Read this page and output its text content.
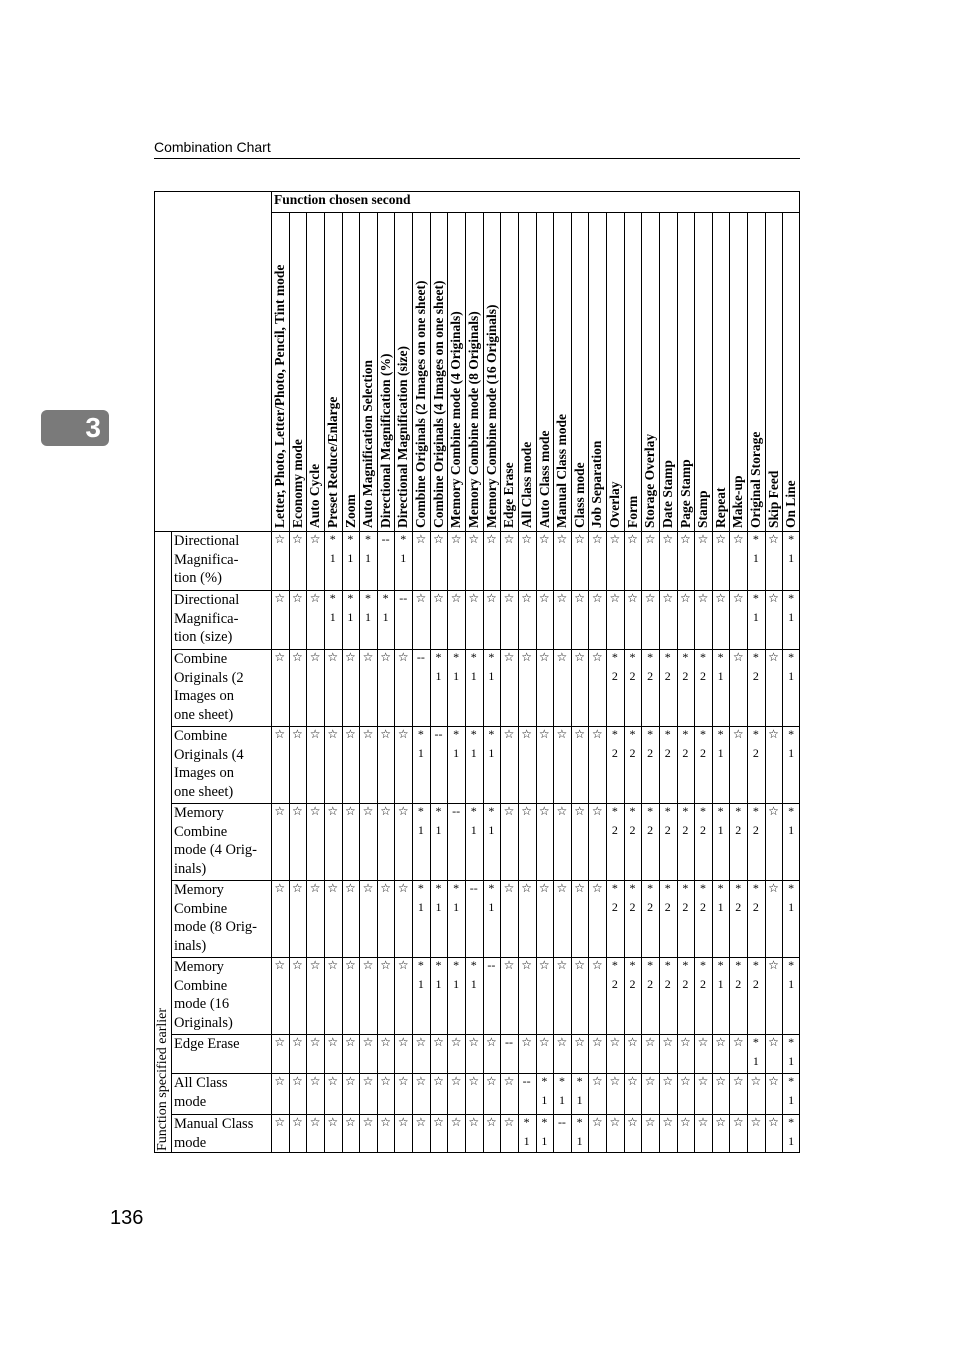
Combination Chart
3
Function chosen second
Letter, Photo, Letter/Photo, Pencil, Tint mode Economy mode Auto Cycle Preset Reduce/Enlarge Zoom Auto Magnification Selection Directional Magnification (%) Directional Magnification (size) Combine Originals (2 Images on one sheet) Combine Originals (4 Images on one sheet) Memory Combine mode (4 Originals) Memory Combine mode (8 Originals) Memory Combine mode (16 Originals) Edge Erase All Class mode Auto Class mode Manual Class mode Class mode Job Separation Overlay Form Storage Overlay Date Stamp Page Stamp Stamp Repeat Make-up Original Storage Skip Feed On Line
Function specified earlier
Directional
Magnifica-
tion (%)
☆ ☆ ☆ *
1
*
1
*
1
-- *
1
☆ ☆ ☆ ☆ ☆ ☆ ☆ ☆ ☆ ☆ ☆ ☆ ☆ ☆ ☆ ☆ ☆ ☆ ☆ *
1
☆ *
1
Directional
Magnifica-
tion (size)
☆ ☆ ☆ *
1
*
1
*
1
*
1
-- ☆ ☆ ☆ ☆ ☆ ☆ ☆ ☆ ☆ ☆ ☆ ☆ ☆ ☆ ☆ ☆ ☆ ☆ ☆ *
1
☆ *
1
Combine
Originals (2
Images on
one sheet)
☆ ☆ ☆ ☆ ☆ ☆ ☆ ☆ -- *
1
*
1
*
1
*
1
☆ ☆ ☆ ☆ ☆ ☆ *
2
*
2
*
2
*
2
*
2
*
2
*
1
☆ *
2
☆ *
1
Combine
Originals (4
Images on
one sheet)
☆ ☆ ☆ ☆ ☆ ☆ ☆ ☆ *
1
-- *
1
*
1
*
1
☆ ☆ ☆ ☆ ☆ ☆ *
2
*
2
*
2
*
2
*
2
*
2
*
1
☆ *
2
☆ *
1
Memory
Combine
mode (4 Orig-
inals)
☆ ☆ ☆ ☆ ☆ ☆ ☆ ☆ *
1
*
1
-- *
1
*
1
☆ ☆ ☆ ☆ ☆ ☆ *
2
*
2
*
2
*
2
*
2
*
2
*
1
*
2
*
2
☆ *
1
Memory
Combine
mode (8 Orig-
inals)
☆ ☆ ☆ ☆ ☆ ☆ ☆ ☆ *
1
*
1
*
1
-- *
1
☆ ☆ ☆ ☆ ☆ ☆ *
2
*
2
*
2
*
2
*
2
*
2
*
1
*
2
*
2
☆ *
1
Memory
Combine
mode (16
Originals)
☆ ☆ ☆ ☆ ☆ ☆ ☆ ☆ *
1
*
1
*
1
*
1
-- ☆ ☆ ☆ ☆ ☆ ☆ *
2
*
2
*
2
*
2
*
2
*
2
*
1
*
2
*
2
☆ *
1
Edge Erase	☆ ☆ ☆ ☆ ☆ ☆ ☆ ☆ ☆ ☆ ☆ ☆ ☆ -- ☆ ☆ ☆ ☆ ☆ ☆ ☆ ☆ ☆ ☆ ☆ ☆ ☆ *
1
☆ *
1
All Class
mode
☆ ☆ ☆ ☆ ☆ ☆ ☆ ☆ ☆ ☆ ☆ ☆ ☆ ☆ -- *
1
*
1
*
1
☆ ☆ ☆ ☆ ☆ ☆ ☆ ☆ ☆ ☆ ☆ *
1
Manual Class
mode
☆ ☆ ☆ ☆ ☆ ☆ ☆ ☆ ☆ ☆ ☆ ☆ ☆ ☆ *
1
*
1
-- *
1
☆ ☆ ☆ ☆ ☆ ☆ ☆ ☆ ☆ ☆ ☆ *
1
136
